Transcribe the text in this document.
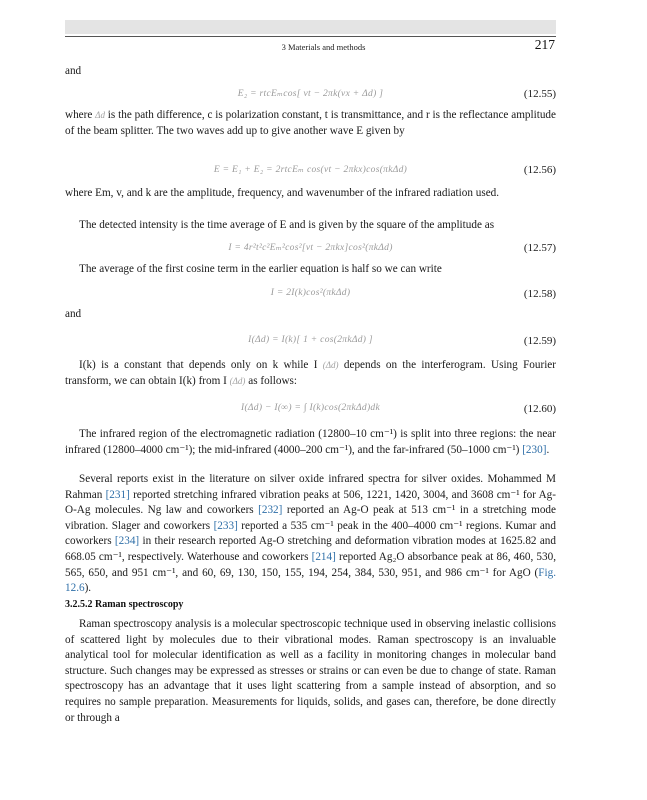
3 Materials and methods	217
and
E₂ = rtcEₘcos[ vt − 2πk(vx + Δd) ]	(12.55)
where Δd is the path difference, c is polarization constant, t is transmittance, and r is the reflectance amplitude of the beam splitter. The two waves add up to give another wave E given by
E = E₁ + E₂ = 2rtcEₘ cos(vt − 2πkx)cos(πkΔd)	(12.56)
where Em, v, and k are the amplitude, frequency, and wavenumber of the infrared radiation used.
The detected intensity is the time average of E and is given by the square of the amplitude as
I = 4r²t²c²Eₘ²cos²[vt − 2πkx]cos²(πkΔd)	(12.57)
The average of the first cosine term in the earlier equation is half so we can write
I = 2I(k)cos²(πkΔd)	(12.58)
and
I(Δd) = I(k)[ 1 + cos(2πkΔd) ]	(12.59)
I(k) is a constant that depends only on k while I (Δd) depends on the interferogram. Using Fourier transform, we can obtain I(k) from I (Δd) as follows:
I(Δd) − I(∞) = ∫ I(k)cos(2πkΔd)dk	(12.60)
The infrared region of the electromagnetic radiation (12800–10 cm⁻¹) is split into three regions: the near infrared (12800–4000 cm⁻¹); the mid-infrared (4000–200 cm⁻¹), and the far-infrared (50–1000 cm⁻¹) [230].
Several reports exist in the literature on silver oxide infrared spectra for silver oxides. Mohammed M Rahman [231] reported stretching infrared vibration peaks at 506, 1221, 1420, 3004, and 3608 cm⁻¹ for Ag-O-Ag molecules. Ng law and coworkers [232] reported an Ag-O peak at 513 cm⁻¹ in a stretching mode vibration. Slager and coworkers [233] reported a 535 cm⁻¹ peak in the 400–4000 cm⁻¹ regions. Kumar and coworkers [234] in their research reported Ag-O stretching and deformation vibration modes at 1625.82 and 668.05 cm⁻¹, respectively. Waterhouse and coworkers [214] reported Ag₂O absorbance peak at 86, 460, 530, 565, 650, and 951 cm⁻¹, and 60, 69, 130, 150, 155, 194, 254, 384, 530, 951, and 986 cm⁻¹ for AgO (Fig. 12.6).
3.2.5.2 Raman spectroscopy
Raman spectroscopy analysis is a molecular spectroscopic technique used in observing inelastic collisions of scattered light by molecules due to their vibrational modes. Raman spectroscopy is an invaluable analytical tool for molecular identification as well as a facility in monitoring changes in molecular band structure. Such changes may be expressed as stresses or strains or can even be due to change of state. Raman spectroscopy has an advantage that it uses light scattering from a sample instead of absorption, and so requires no sample preparation. Measurements for liquids, solids, and gases can, therefore, be done directly or through a
